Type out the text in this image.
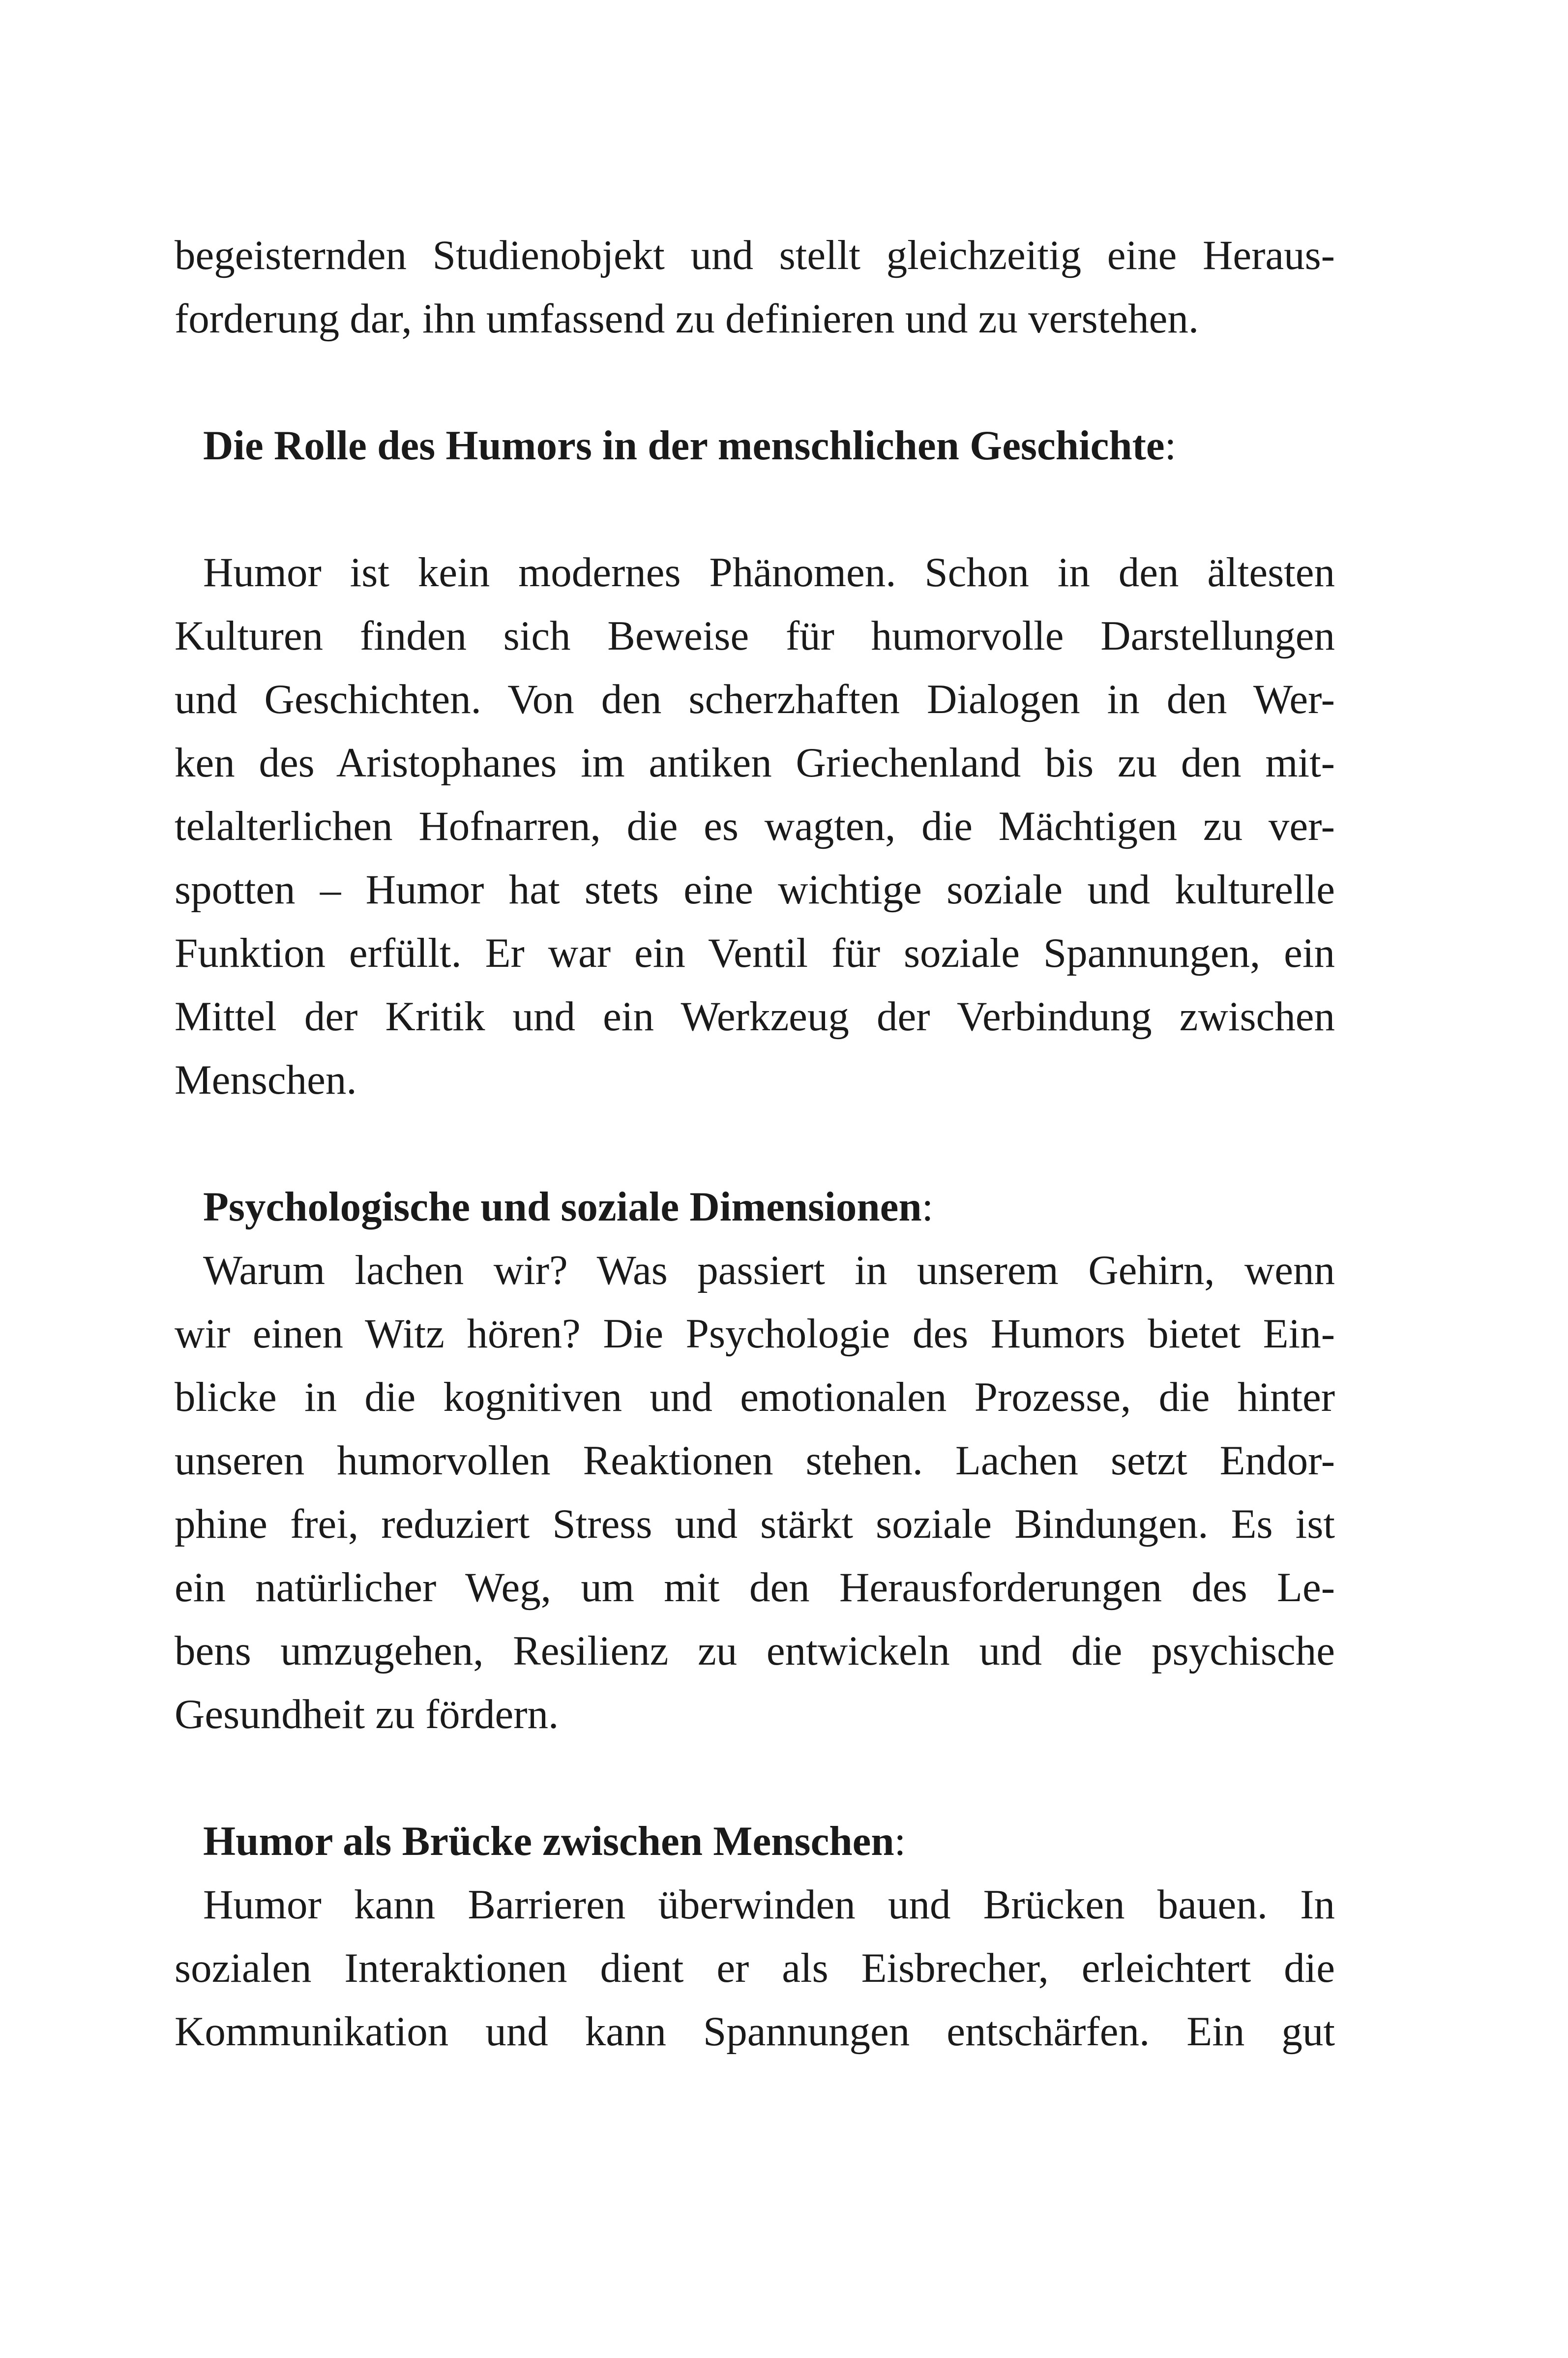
begeisternden Studienobjekt und stellt gleichzeitig eine Heraus-
forderung dar, ihn umfassend zu definieren und zu verstehen.
Die Rolle des Humors in der menschlichen Geschichte:
Humor ist kein modernes Phänomen. Schon in den ältesten
Kulturen finden sich Beweise für humorvolle Darstellungen
und Geschichten. Von den scherzhaften Dialogen in den Wer-
ken des Aristophanes im antiken Griechenland bis zu den mit-
telalterlichen Hofnarren, die es wagten, die Mächtigen zu ver-
spotten – Humor hat stets eine wichtige soziale und kulturelle
Funktion erfüllt. Er war ein Ventil für soziale Spannungen, ein
Mittel der Kritik und ein Werkzeug der Verbindung zwischen
Menschen.
Psychologische und soziale Dimensionen:
Warum lachen wir? Was passiert in unserem Gehirn, wenn
wir einen Witz hören? Die Psychologie des Humors bietet Ein-
blicke in die kognitiven und emotionalen Prozesse, die hinter
unseren humorvollen Reaktionen stehen. Lachen setzt Endor-
phine frei, reduziert Stress und stärkt soziale Bindungen. Es ist
ein natürlicher Weg, um mit den Herausforderungen des Le-
bens umzugehen, Resilienz zu entwickeln und die psychische
Gesundheit zu fördern.
Humor als Brücke zwischen Menschen:
Humor kann Barrieren überwinden und Brücken bauen. In
sozialen Interaktionen dient er als Eisbrecher, erleichtert die
Kommunikation und kann Spannungen entschärfen. Ein gut
